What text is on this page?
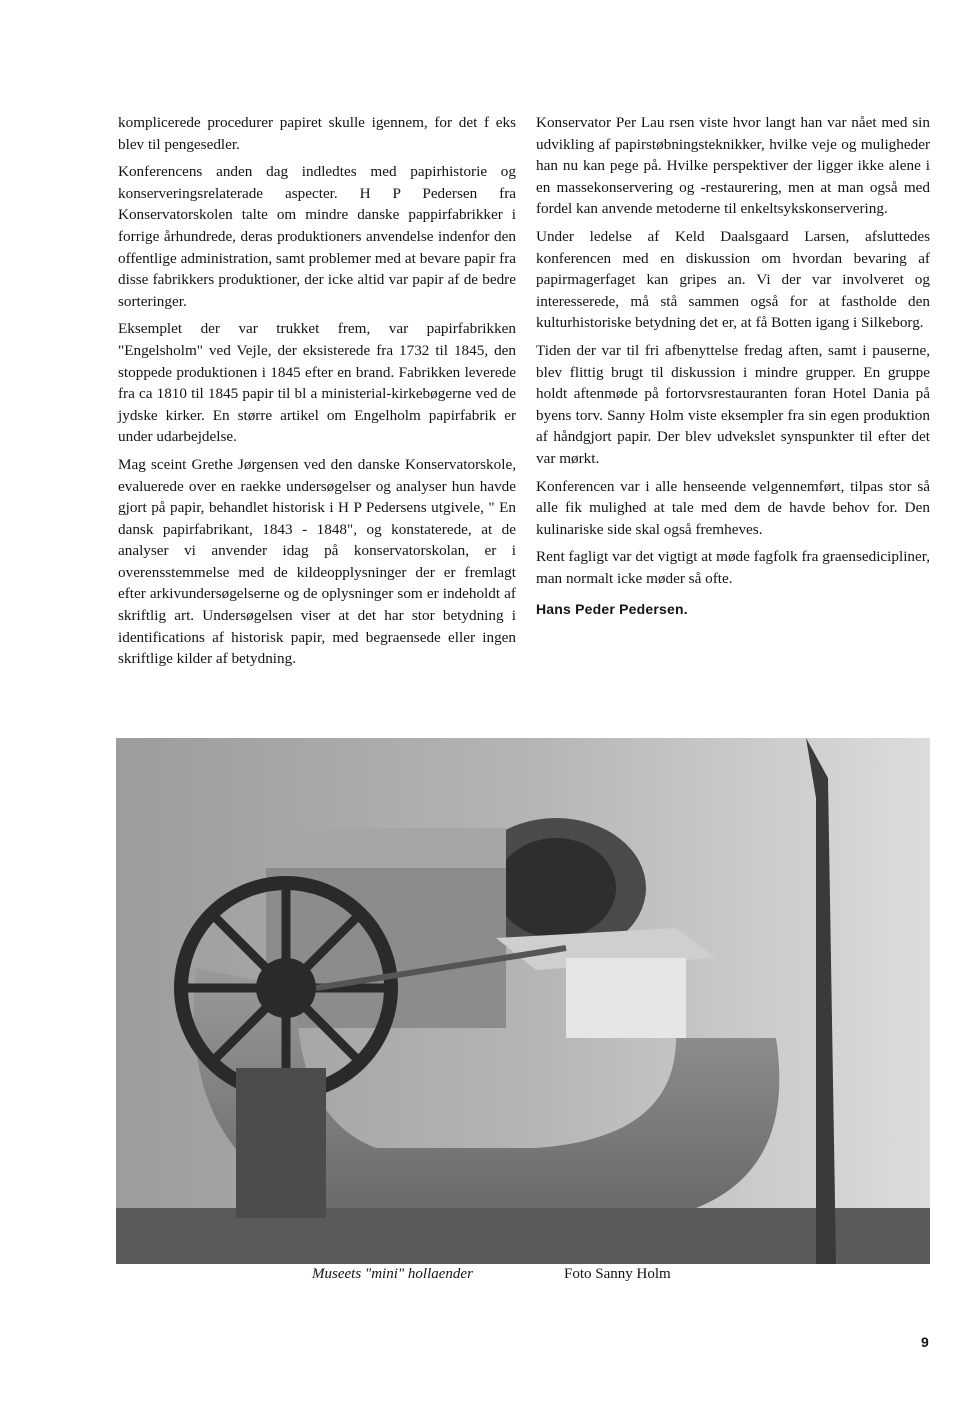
komplicerede procedurer papiret skulle igennem, for det f eks blev til pengesedler.

Konferencens anden dag indledtes med papirhistorie og konserveringsrelaterade aspecter. H P Pedersen fra Konservatorskolen talte om mindre danske pappirfabrikker i forrige århundrede, deras produktioners anvendelse indenfor den offentlige administration, samt problemer med at bevare papir fra disse fabrikkers produktioner, der icke altid var papir af de bedre sorteringer.

Eksemplet der var trukket frem, var papirfabrikken "Engelsholm" ved Vejle, der eksisterede fra 1732 til 1845, den stoppede produktionen i 1845 efter en brand. Fabrikken leverede fra ca 1810 til 1845 papir til bl a ministerial-kirkebøgerne ved de jydske kirker. En større artikel om Engelholm papirfabrik er under udarbejdelse.

Mag sceint Grethe Jørgensen ved den danske Konservatorskole, evaluerede over en raekke undersøgelser og analyser hun havde gjort på papir, behandlet historisk i H P Pedersens utgivele, " En dansk papirfabrikant, 1843 - 1848", og konstaterede, at de analyser vi anvender idag på konservatorskolan, er i overensstemmelse med de kildeopplysninger der er fremlagt efter arkivundersøgelserne og de oplysninger som er indeholdt af skriftlig art. Undersøgelsen viser at det har stor betydning i identifications af historisk papir, med begraensede eller ingen skriftlige kilder af betydning.

Konservator Per Lau rsen viste hvor langt han var nået med sin udvikling af papirstøbningsteknikker, hvilke veje og muligheder han nu kan pege på. Hvilke perspektiver der ligger ikke alene i en massekonservering og -restaurering, men at man også med fordel kan anvende metoderne til enkeltsykskonservering.

Under ledelse af Keld Daalsgaard Larsen, afsluttedes konferencen med en diskussion om hvordan bevaring af papirmagerfaget kan gripes an. Vi der var involveret og interesserede, må stå sammen også for at fastholde den kulturhistoriske betydning det er, at få Botten igang i Silkeborg.

Tiden der var til fri afbenyttelse fredag aften, samt i pauserne, blev flittig brugt til diskussion i mindre grupper. En gruppe holdt aftenmøde på fortorvsrestauranten foran Hotel Dania på byens torv. Sanny Holm viste eksempler fra sin egen produktion af håndgjort papir. Der blev udvekslet synspunkter til efter det var mørkt.

Konferencen var i alle henseende velgennemført, tilpas stor så alle fik mulighed at tale med dem de havde behov for. Den kulinariske side skal også fremheves.

Rent fagligt var det vigtigt at møde fagfolk fra graensedicipliner, man normalt icke møder så ofte.

Hans Peder Pedersen.

Museets "mini" hollaender	Foto Sanny Holm
9
